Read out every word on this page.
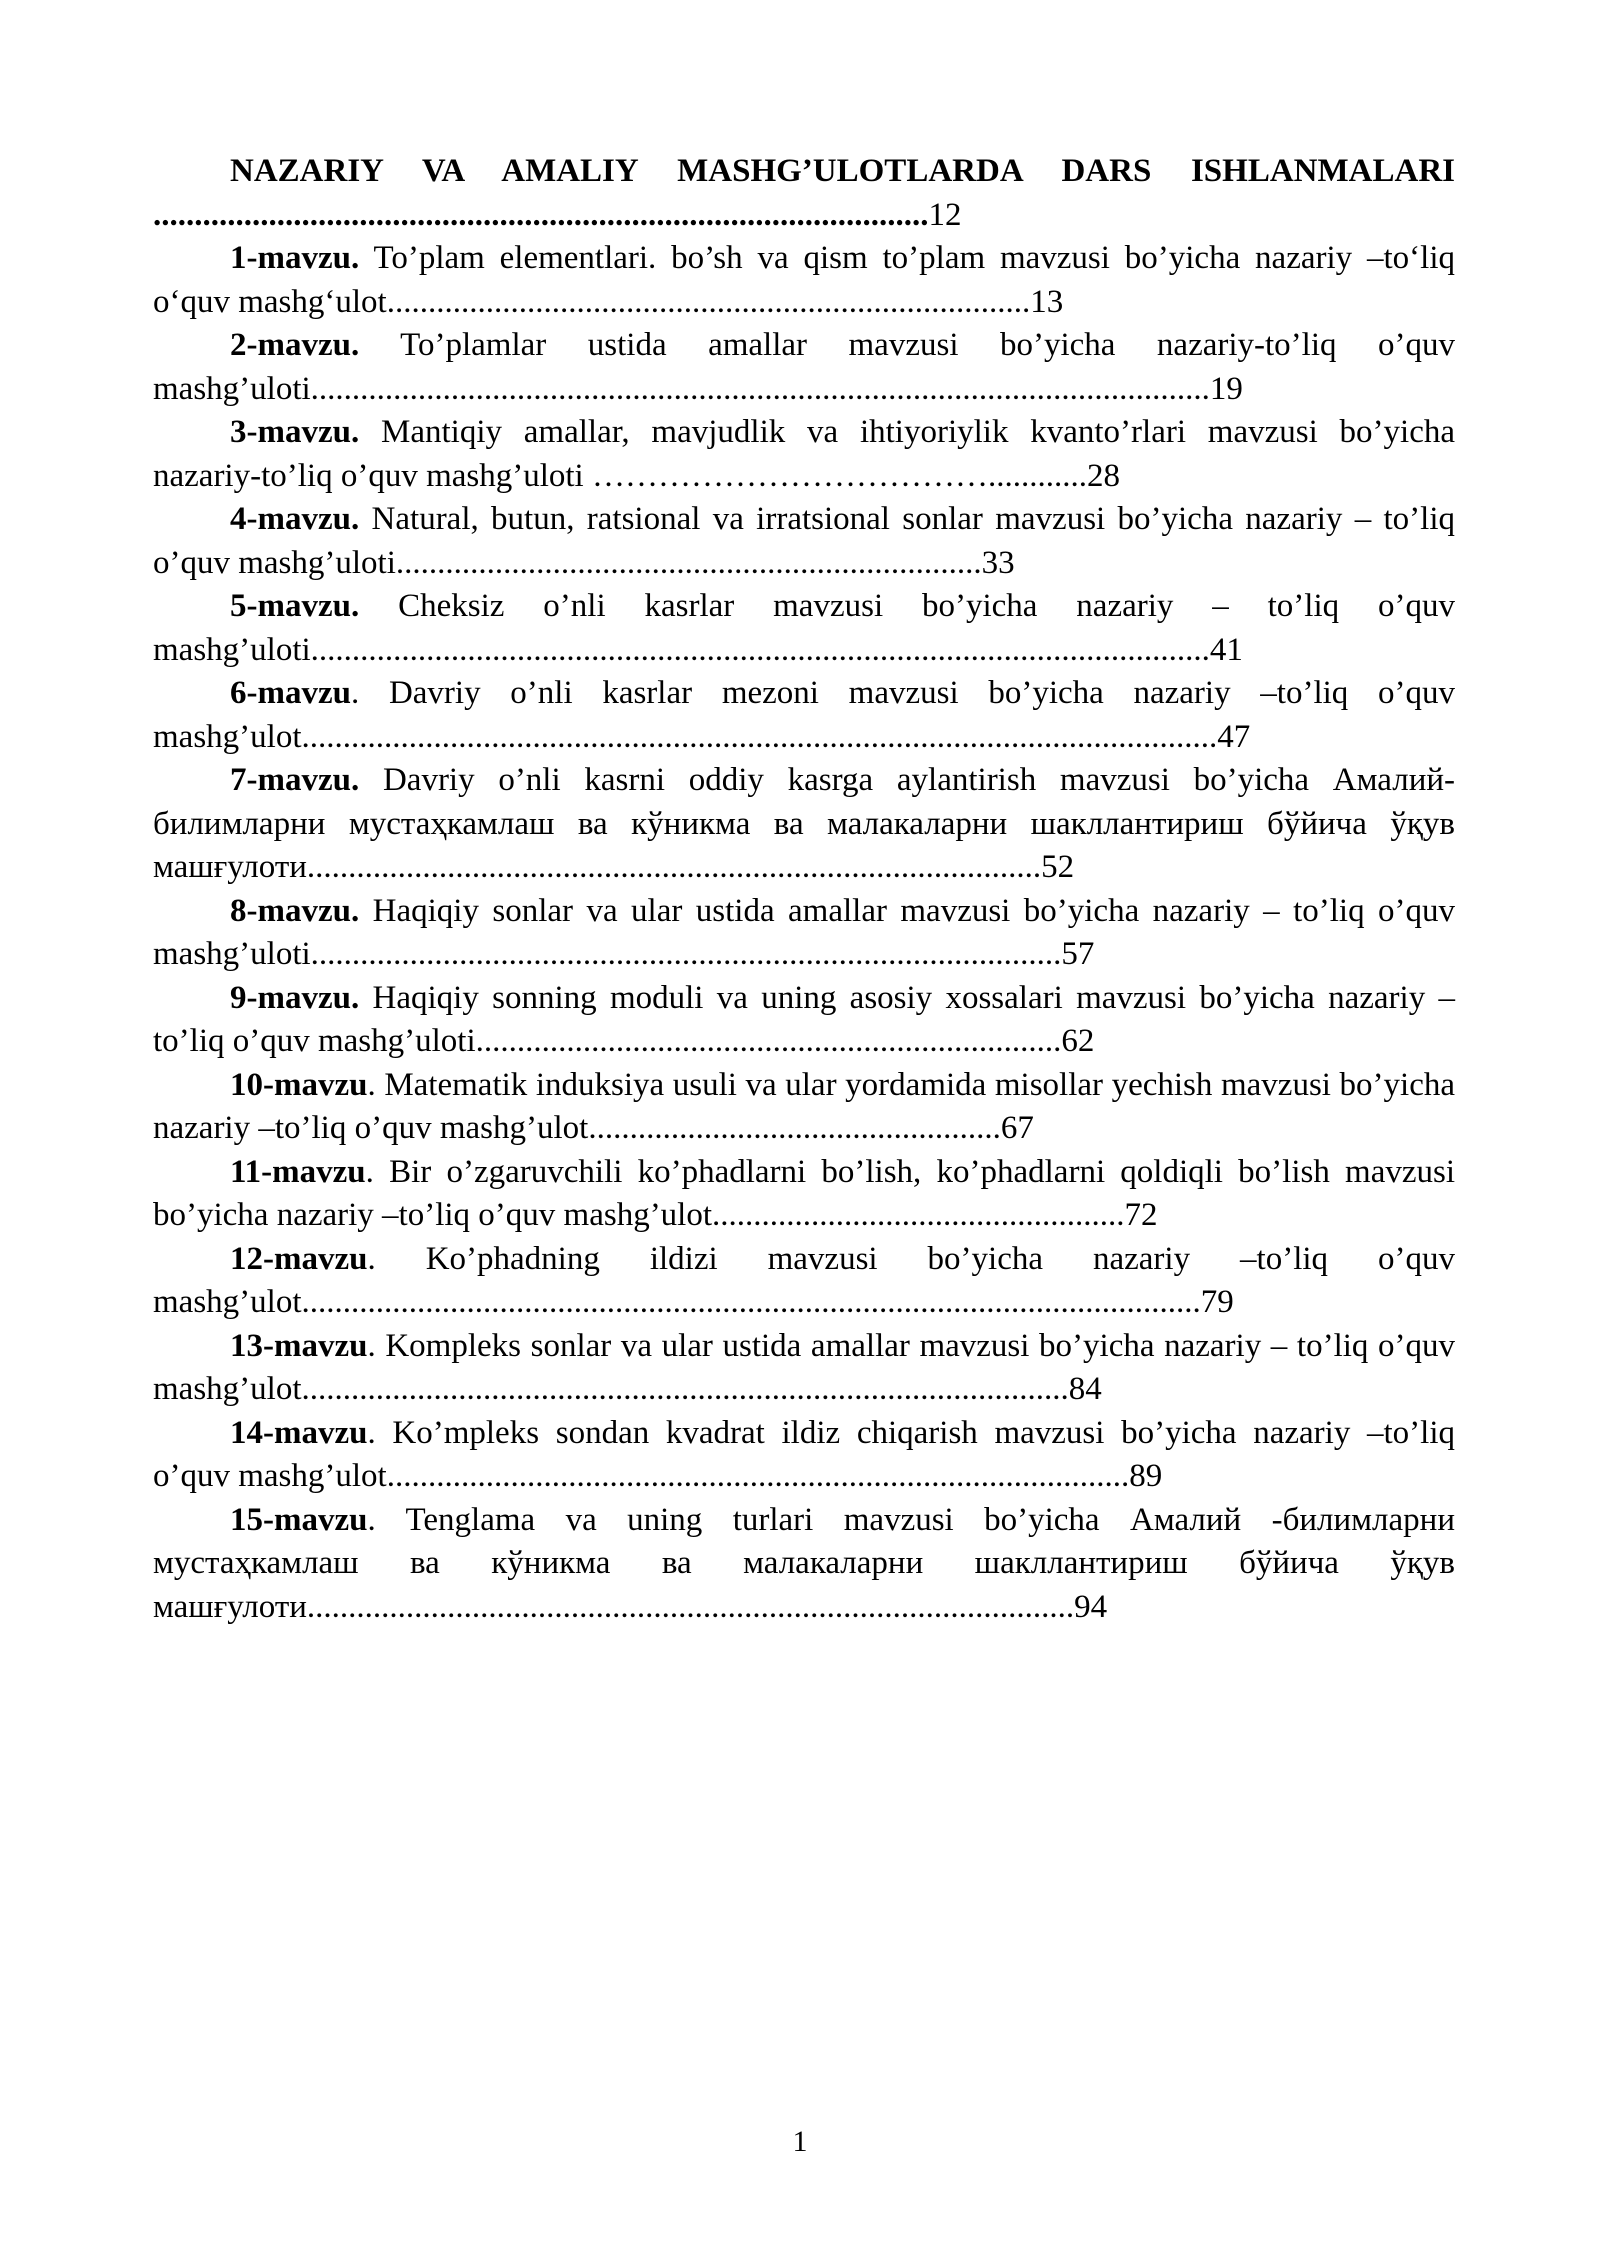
NAZARIY VA AMALIY MASHG’ULOTLARDA DARS ISHLANMALARI ..............................................................................................12

1-mavzu. To’plam elementlari. bo’sh va qism to’plam mavzusi bo’yicha nazariy –to‘liq o‘quv mashg‘ulot..............................................................................13

2-mavzu. To’plamlar ustida amallar mavzusi bo’yicha nazariy-to’liq o’quv mashg’uloti.............................................................................................................19

3-mavzu. Mantiqiy amallar, mavjudlik va ihtiyoriylik kvanto’rlari mavzusi bo’yicha nazariy-to’liq o’quv mashg’uloti ………………………………............28

4-mavzu. Natural, butun, ratsional va irratsional sonlar mavzusi bo’yicha nazariy – to’liq o’quv mashg’uloti.......................................................................33

5-mavzu. Cheksiz o’nli kasrlar mavzusi bo’yicha nazariy – to’liq o’quv mashg’uloti.............................................................................................................41

6-mavzu. Davriy o’nli kasrlar mezoni mavzusi bo’yicha nazariy –to’liq o’quv mashg’ulot...............................................................................................................47

7-mavzu. Davriy o’nli kasrni oddiy kasrga aylantirish mavzusi bo’yicha Амалий-билимларни мустаҳкамлаш ва кўникма ва малакаларни шакллантириш бўйича ўқув машғулоти.........................................................................................52

8-mavzu. Haqiqiy sonlar va ular ustida amallar mavzusi bo’yicha nazariy – to’liq o’quv mashg’uloti...........................................................................................57

9-mavzu. Haqiqiy sonning moduli va uning asosiy xossalari mavzusi bo’yicha nazariy – to’liq o’quv mashg’uloti.......................................................................62

10-mavzu. Matematik induksiya usuli va ular yordamida misollar yechish mavzusi bo’yicha nazariy –to’liq o’quv mashg’ulot..................................................67

11-mavzu. Bir o’zgaruvchili ko’phadlarni bo’lish, ko’phadlarni qoldiqli bo’lish mavzusi bo’yicha nazariy –to’liq o’quv mashg’ulot..................................................72

12-mavzu. Ko’phadning ildizi mavzusi bo’yicha nazariy –to’liq o’quv mashg’ulot.............................................................................................................79

13-mavzu. Kompleks sonlar va ular ustida amallar mavzusi bo’yicha nazariy – to’liq o’quv mashg’ulot.............................................................................................84

14-mavzu. Ko’mpleks sondan kvadrat ildiz chiqarish mavzusi bo’yicha nazariy –to’liq o’quv mashg’ulot..........................................................................................89

15-mavzu. Tenglama va uning turlari mavzusi bo’yicha Амалий -билимларни мустаҳкамлаш ва кўникма ва малакаларни шакллантириш бўйича ўқув машғулоти.............................................................................................94

1
